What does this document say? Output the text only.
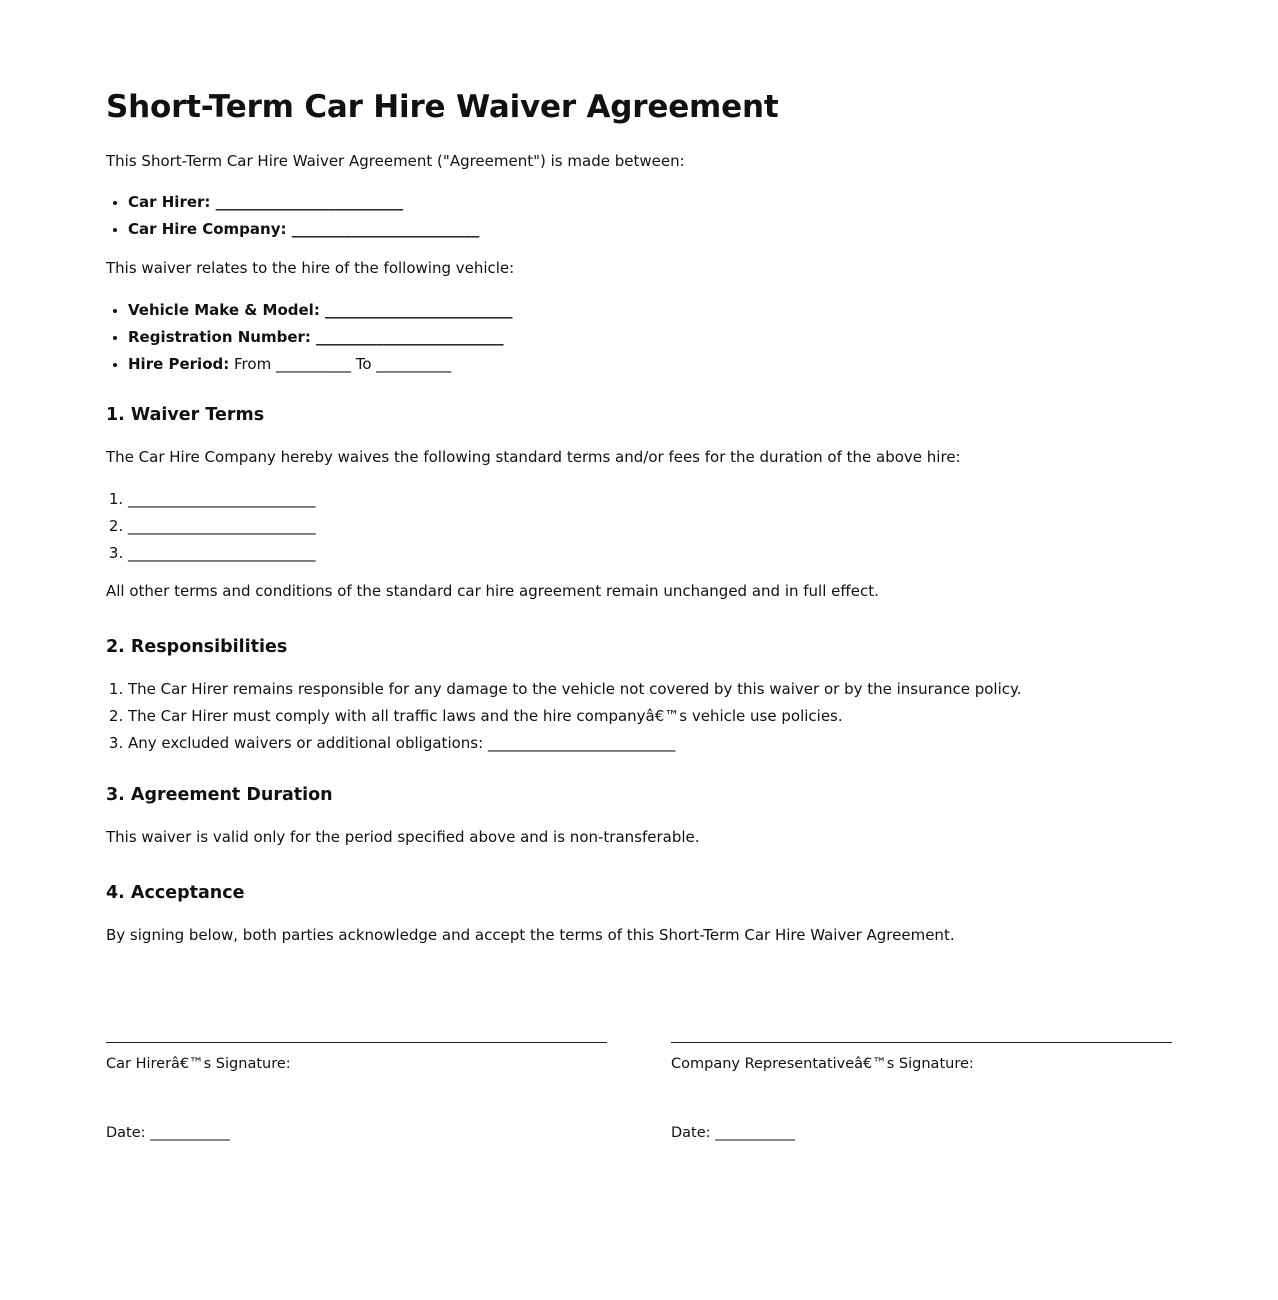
Short-Term Car Hire Waiver Agreement

This Short-Term Car Hire Waiver Agreement ("Agreement") is made between:

• Car Hirer: _________________________
• Car Hire Company: _________________________

This waiver relates to the hire of the following vehicle:

• Vehicle Make & Model: _________________________
• Registration Number: _________________________
• Hire Period: From __________ To __________
1. Waiver Terms

The Car Hire Company hereby waives the following standard terms and/or fees for the duration of the above hire:

1. _________________________
2. _________________________
3. _________________________

All other terms and conditions of the standard car hire agreement remain unchanged and in full effect.

2. Responsibilities
1. The Car Hirer remains responsible for any damage to the vehicle not covered by this waiver or by the insurance policy.
2. The Car Hirer must comply with all traffic laws and the hire companyâ€™s vehicle use policies.
3. Any excluded waivers or additional obligations: _________________________
3. Agreement Duration

This waiver is valid only for the period specified above and is non-transferable.

4. Acceptance

By signing below, both parties acknowledge and accept the terms of this Short-Term Car Hire Waiver Agreement.

Car Hirerâ€™s Signature:
Date: ___________
Company Representativeâ€™s Signature:
Date: ___________
